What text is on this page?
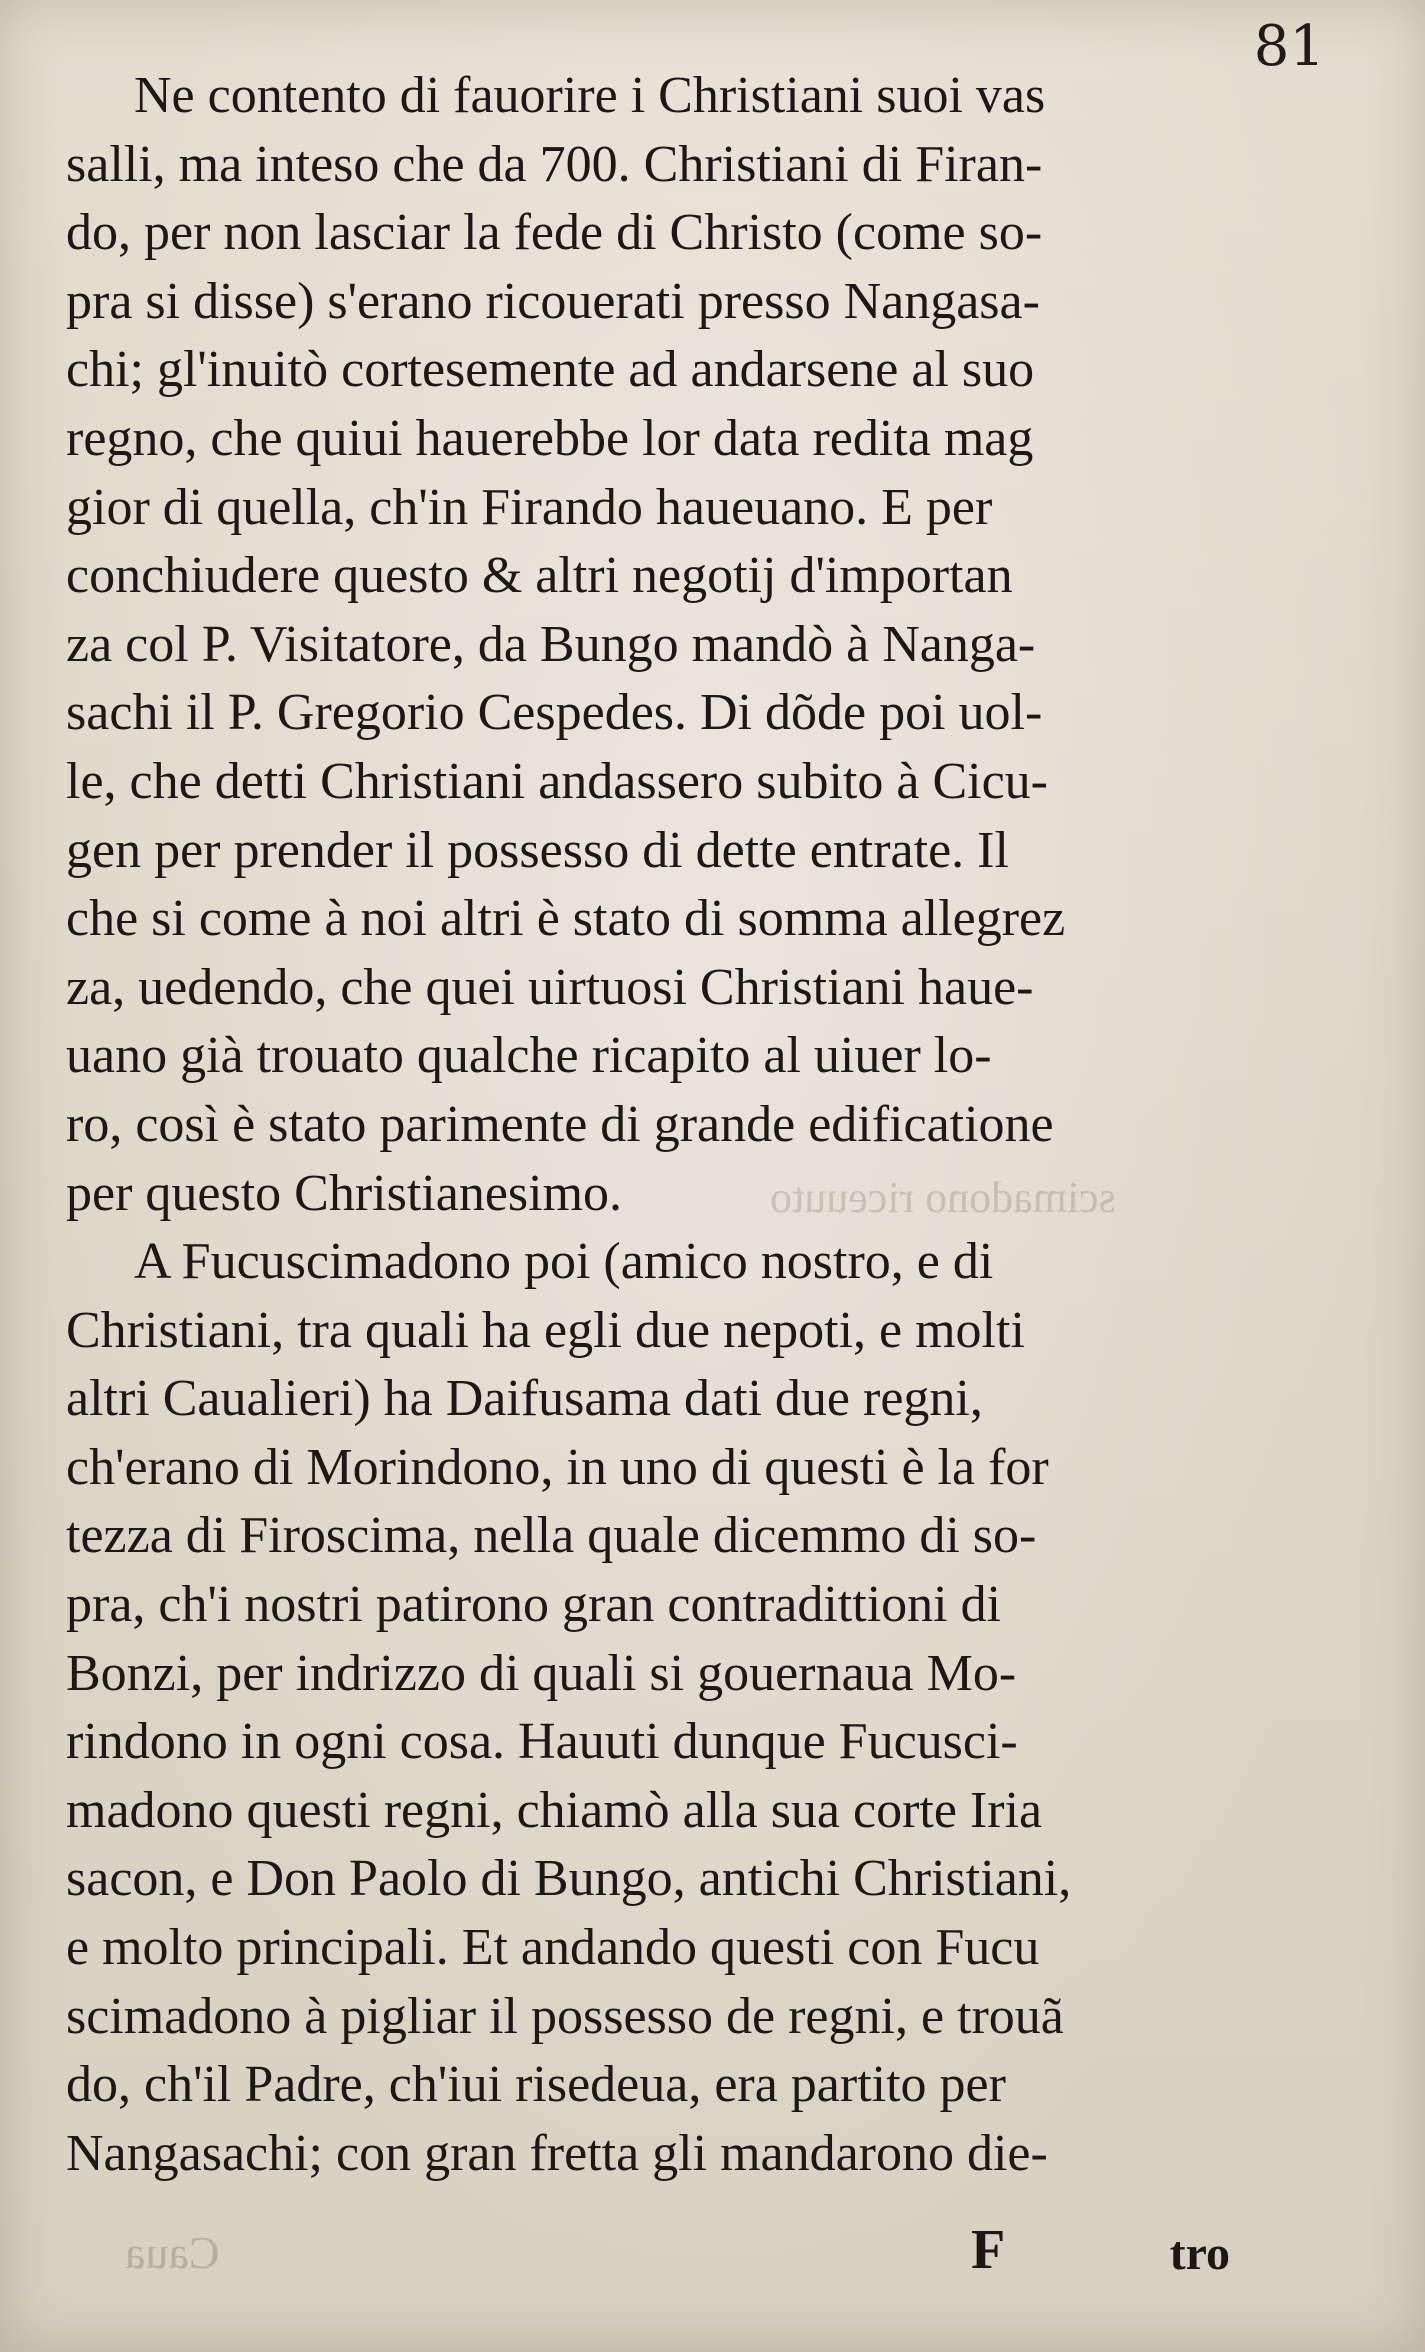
81
scimadono riceuuto
Ne contento di fauorire i Christiani suoi vas
salli, ma inteso che da 700. Christiani di Firan-
do, per non lasciar la fede di Christo (come so-
pra si disse) s'erano ricouerati presso Nangasa-
chi; gl'inuitò cortesemente ad andarsene al suo
regno, che quiui hauerebbe lor data redita mag
gior di quella, ch'in Firando haueuano. E per
conchiudere questo & altri negotij d'importan
za col P. Visitatore, da Bungo mandò à Nanga-
sachi il P. Gregorio Cespedes. Di dõde poi uol-
le, che detti Christiani andassero subito à Cicu-
gen per prender il possesso di dette entrate. Il
che si come à noi altri è stato di somma allegrez
za, uedendo, che quei uirtuosi Christiani haue-
uano già trouato qualche ricapito al uiuer lo-
ro, così è stato parimente di grande edificatione
per questo Christianesimo.
A Fucuscimadono poi (amico nostro, e di
Christiani, tra quali ha egli due nepoti, e molti
altri Caualieri) ha Daifusama dati due regni,
ch'erano di Morindono, in uno di questi è la for
tezza di Firoscima, nella quale dicemmo di so-
pra, ch'i nostri patirono gran contradittioni di
Bonzi, per indrizzo di quali si gouernaua Mo-
rindono in ogni cosa. Hauuti dunque Fucusci-
madono questi regni, chiamò alla sua corte Iria
sacon, e Don Paolo di Bungo, antichi Christiani,
e molto principali. Et andando questi con Fucu
scimadono à pigliar il possesso de regni, e trouã
do, ch'il Padre, ch'iui risedeua, era partito per
Nangasachi; con gran fretta gli mandarono die-
Caua	F	tro
